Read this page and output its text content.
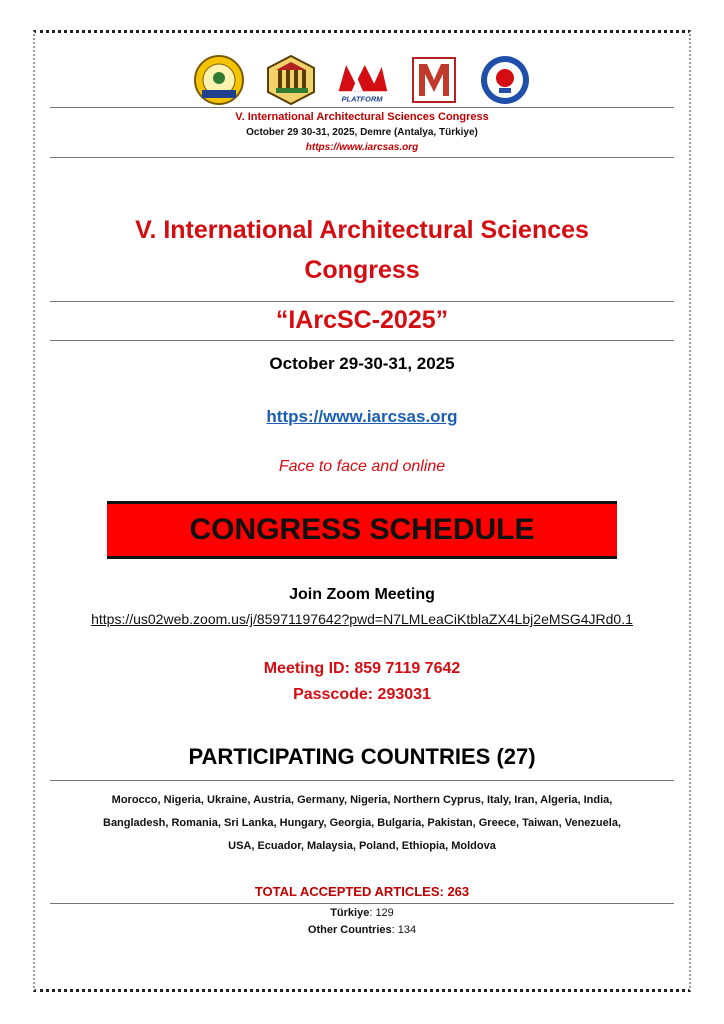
PLATFORM
V. International Architectural Sciences Congress
October 29 30-31, 2025, Demre (Antalya, Türkiye)
https://www.iarcsas.org
V. International Architectural Sciences
Congress
“IArcSC-2025”
October 29-30-31, 2025
https://www.iarcsas.org
Face to face and online
CONGRESS SCHEDULE
Join Zoom Meeting
https://us02web.zoom.us/j/85971197642?pwd=N7LMLeaCiKtblaZX4Lbj2eMSG4JRd0.1
Meeting ID: 859 7119 7642
Passcode: 293031
PARTICIPATING COUNTRIES (27)
Morocco, Nigeria, Ukraine, Austria, Germany, Nigeria, Northern Cyprus, Italy, Iran, Algeria, India,
Bangladesh, Romania, Sri Lanka, Hungary, Georgia, Bulgaria, Pakistan, Greece, Taiwan, Venezuela,
USA, Ecuador, Malaysia, Poland, Ethiopia, Moldova
TOTAL ACCEPTED ARTICLES: 263
Türkiye: 129
Other Countries: 134
